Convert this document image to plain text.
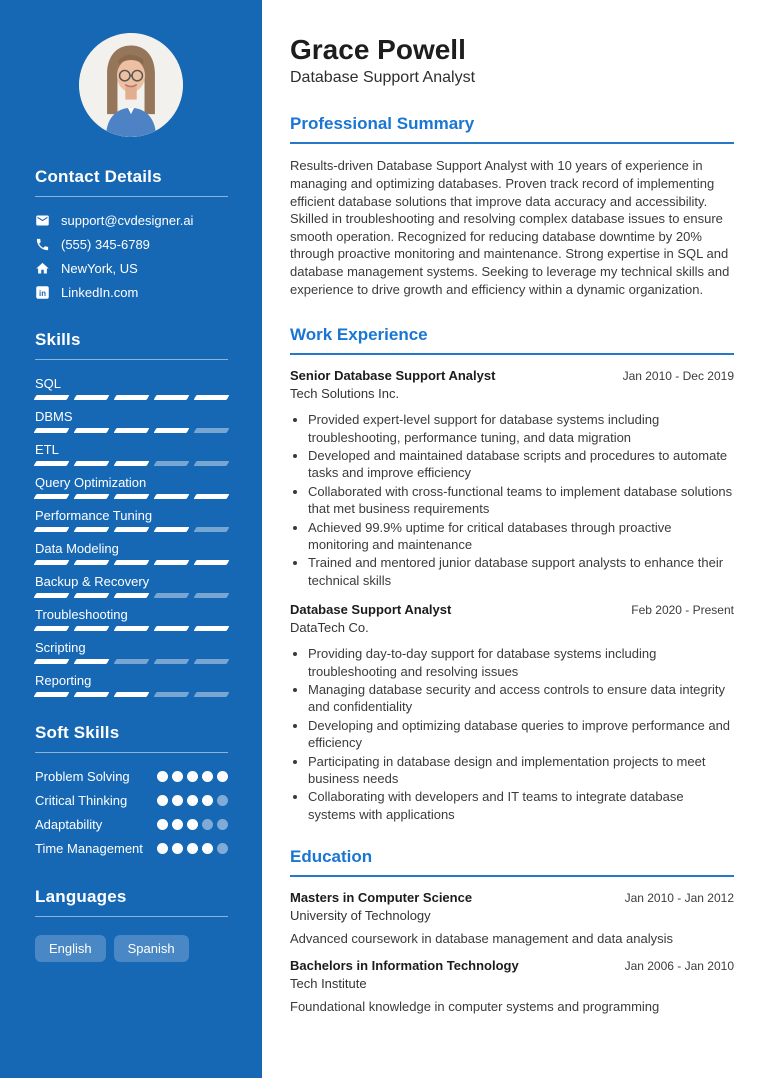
Contact Details
support@cvdesigner.ai
(555) 345-6789
NewYork, US
in LinkedIn.com
Skills
SQL
DBMS
ETL
Query Optimization
Performance Tuning
Data Modeling
Backup & Recovery
Troubleshooting
Scripting
Reporting
Soft Skills
Problem Solving
Critical Thinking
Adaptability
Time Management
Languages
English	Spanish
Grace Powell
Database Support Analyst
Professional Summary

Results-driven Database Support Analyst with 10 years of experience in managing and optimizing databases. Proven track record of implementing efficient database solutions that improve data accuracy and accessibility. Skilled in troubleshooting and resolving complex database issues to ensure smooth operation. Recognized for reducing database downtime by 20% through proactive monitoring and maintenance. Strong expertise in SQL and database management systems. Seeking to leverage my technical skills and experience to drive growth and efficiency within a dynamic organization.

Work Experience
Senior Database Support Analyst	Jan 2010 - Dec 2019
Tech Solutions Inc.
• Provided expert-level support for database systems including troubleshooting, performance tuning, and data migration
• Developed and maintained database scripts and procedures to automate tasks and improve efficiency
• Collaborated with cross-functional teams to implement database solutions that met business requirements
• Achieved 99.9% uptime for critical databases through proactive monitoring and maintenance
• Trained and mentored junior database support analysts to enhance their technical skills
Database Support Analyst	Feb 2020 - Present
DataTech Co.
• Providing day-to-day support for database systems including troubleshooting and resolving issues
• Managing database security and access controls to ensure data integrity and confidentiality
• Developing and optimizing database queries to improve performance and efficiency
• Participating in database design and implementation projects to meet business needs
• Collaborating with developers and IT teams to integrate database systems with applications
Education
Masters in Computer Science	Jan 2010 - Jan 2012
University of Technology
Advanced coursework in database management and data analysis
Bachelors in Information Technology	Jan 2006 - Jan 2010
Tech Institute
Foundational knowledge in computer systems and programming
